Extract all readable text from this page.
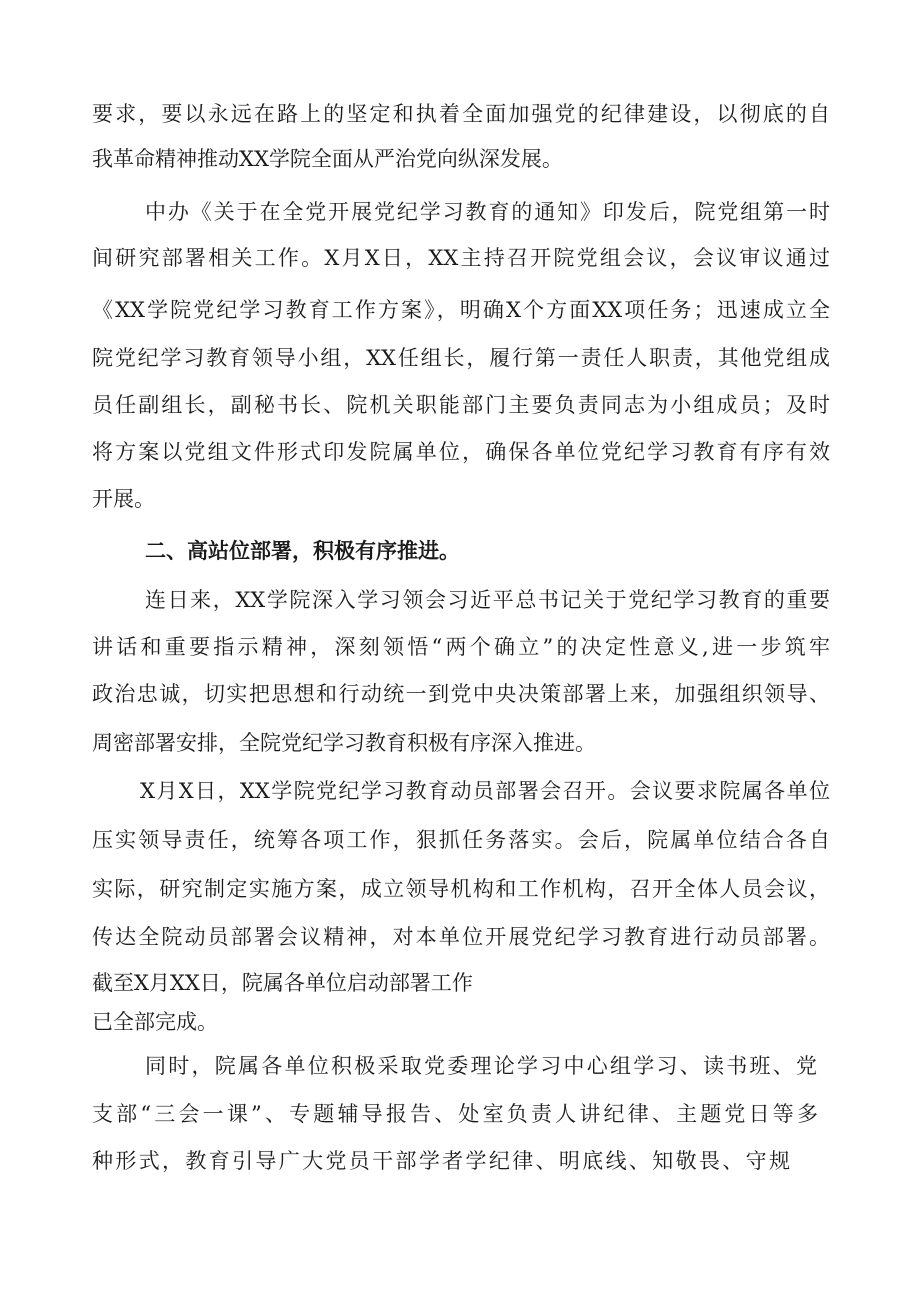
要求，要以永远在路上的坚定和执着全面加强党的纪律建设，以彻底的自
我革命精神推动XX学院全面从严治党向纵深发展。
中办《关于在全党开展党纪学习教育的通知》印发后，院党组第一时
间研究部署相关工作。X月X日，XX主持召开院党组会议，会议审议通过
《XX学院党纪学习教育工作方案》，明确X个方面XX项任务；迅速成立全
院党纪学习教育领导小组，XX任组长，履行第一责任人职责，其他党组成
员任副组长，副秘书长、院机关职能部门主要负责同志为小组成员；及时
将方案以党组文件形式印发院属单位，确保各单位党纪学习教育有序有效
开展。
二、高站位部署，积极有序推进。
连日来，XX学院深入学习领会习近平总书记关于党纪学习教育的重要
讲话和重要指示精神，深刻领悟“两个确立”的决定性意义,进一步筑牢
政治忠诚，切实把思想和行动统一到党中央决策部署上来，加强组织领导、
周密部署安排，全院党纪学习教育积极有序深入推进。
X月X日，XX学院党纪学习教育动员部署会召开。会议要求院属各单位
压实领导责任，统筹各项工作，狠抓任务落实。会后，院属单位结合各自
实际，研究制定实施方案，成立领导机构和工作机构，召开全体人员会议，
传达全院动员部署会议精神，对本单位开展党纪学习教育进行动员部署。
截至X月XX日，院属各单位启动部署工作
已全部完成。
同时，院属各单位积极采取党委理论学习中心组学习、读书班、党
支部“三会一课”、专题辅导报告、处室负责人讲纪律、主题党日等多
种形式，教育引导广大党员干部学者学纪律、明底线、知敬畏、守规
